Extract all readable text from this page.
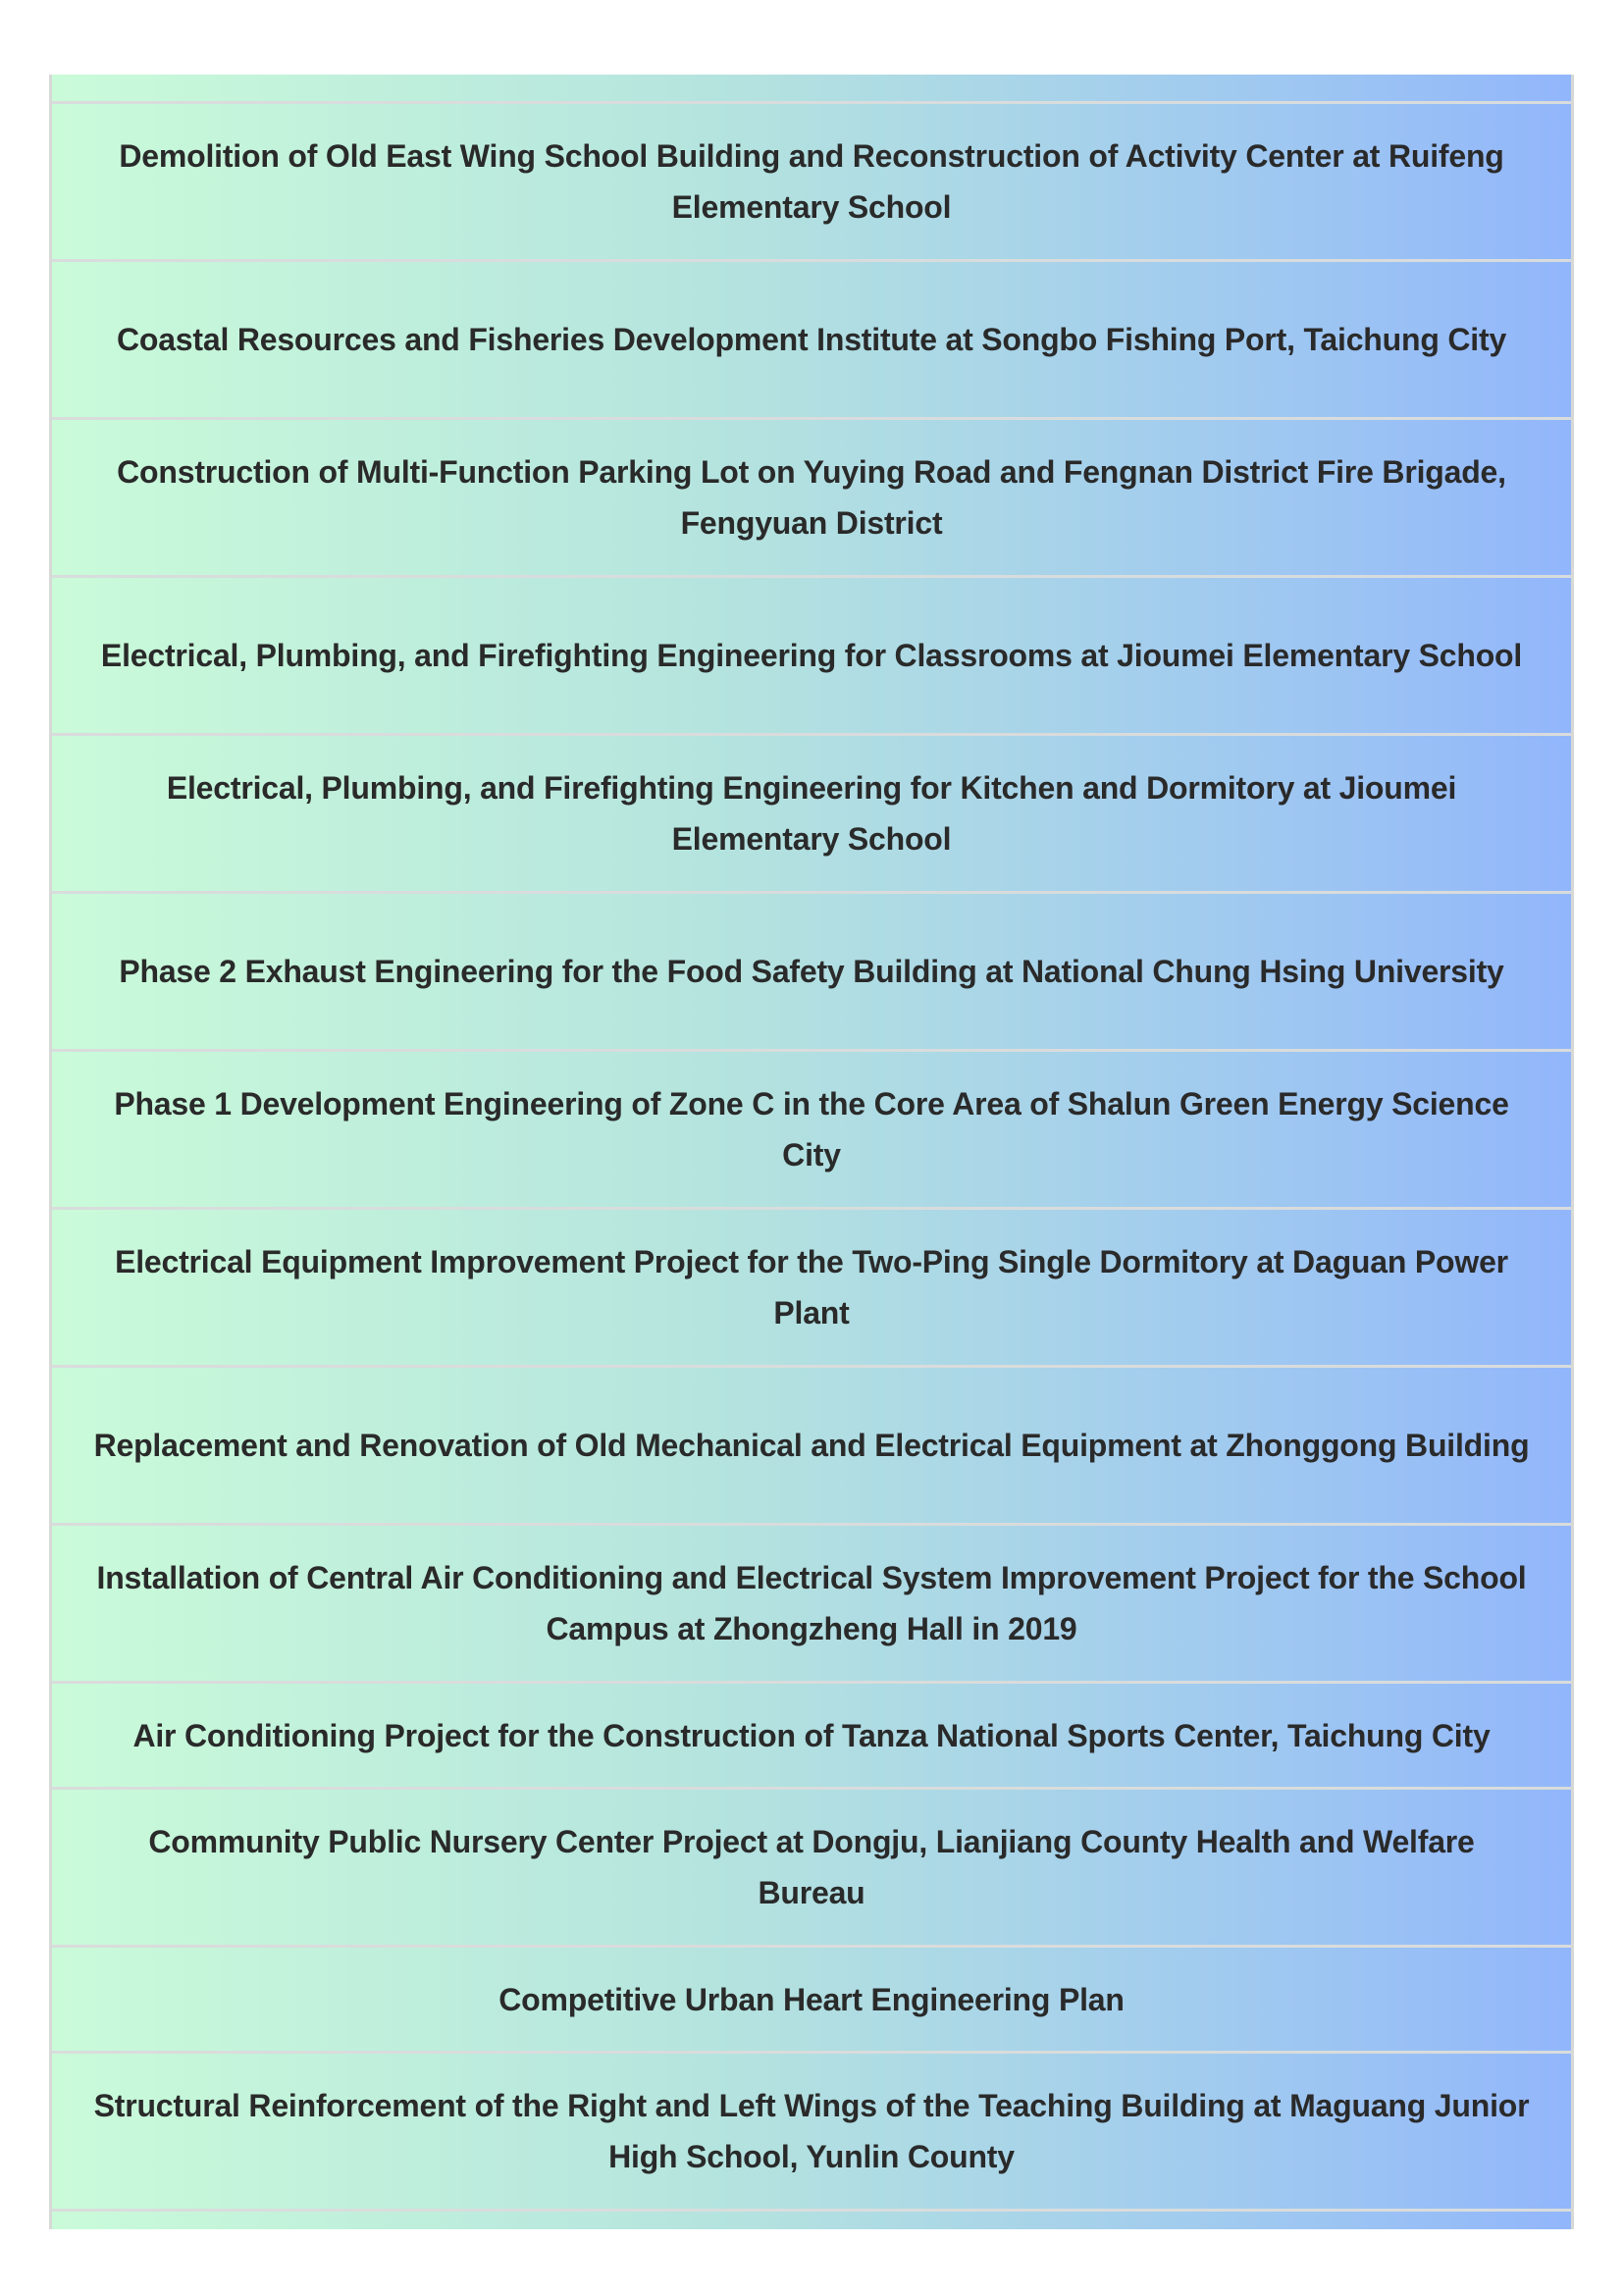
Demolition of Old East Wing School Building and Reconstruction of Activity Center at Ruifeng Elementary School
Coastal Resources and Fisheries Development Institute at Songbo Fishing Port, Taichung City
Construction of Multi-Function Parking Lot on Yuying Road and Fengnan District Fire Brigade, Fengyuan District
Electrical, Plumbing, and Firefighting Engineering for Classrooms at Jioumei Elementary School
Electrical, Plumbing, and Firefighting Engineering for Kitchen and Dormitory at Jioumei Elementary School
Phase 2 Exhaust Engineering for the Food Safety Building at National Chung Hsing University
Phase 1 Development Engineering of Zone C in the Core Area of Shalun Green Energy Science City
Electrical Equipment Improvement Project for the Two-Ping Single Dormitory at Daguan Power Plant
Replacement and Renovation of Old Mechanical and Electrical Equipment at Zhonggong Building
Installation of Central Air Conditioning and Electrical System Improvement Project for the School Campus at Zhongzheng Hall in 2019
Air Conditioning Project for the Construction of Tanza National Sports Center, Taichung City
Community Public Nursery Center Project at Dongju, Lianjiang County Health and Welfare Bureau
Competitive Urban Heart Engineering Plan
Structural Reinforcement of the Right and Left Wings of the Teaching Building at Maguang Junior High School, Yunlin County
